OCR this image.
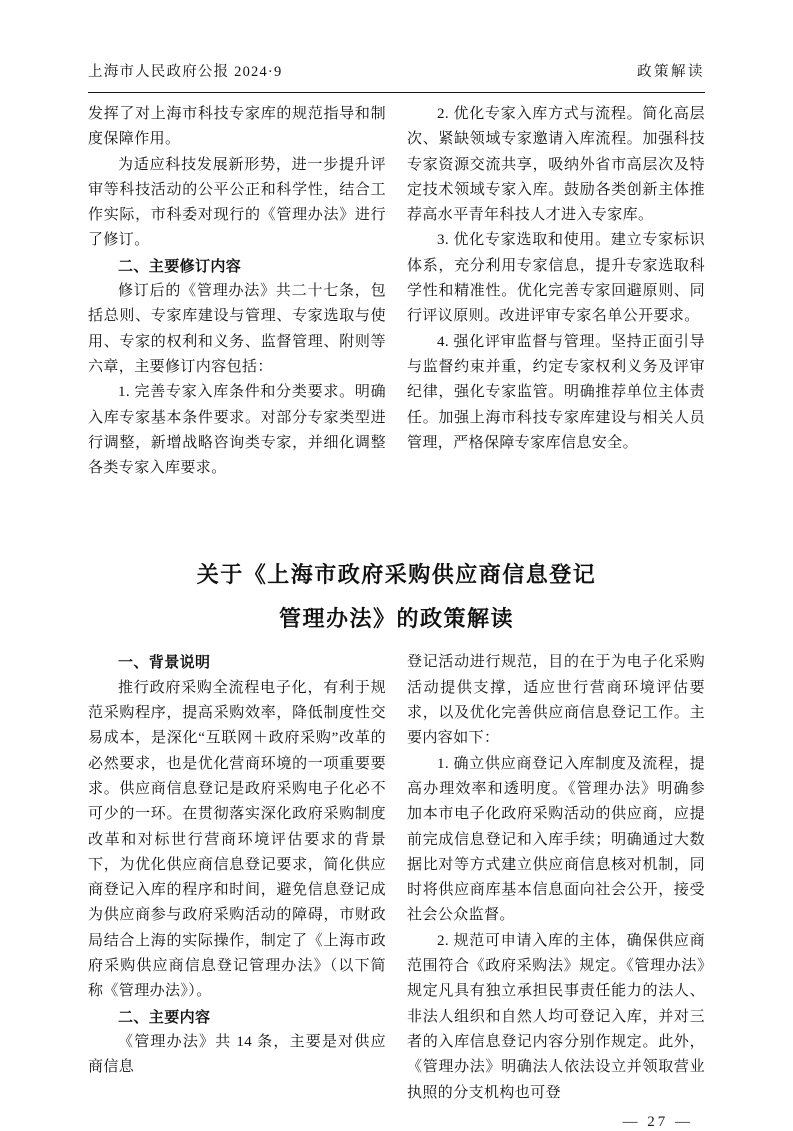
上海市人民政府公报 2024·9	政策解读

发挥了对上海市科技专家库的规范指导和制度保障作用。

为适应科技发展新形势，进一步提升评审等科技活动的公平公正和科学性，结合工作实际，市科委对现行的《管理办法》进行了修订。

二、主要修订内容

修订后的《管理办法》共二十七条，包括总则、专家库建设与管理、专家选取与使用、专家的权利和义务、监督管理、附则等六章，主要修订内容包括：

1. 完善专家入库条件和分类要求。明确入库专家基本条件要求。对部分专家类型进行调整，新增战略咨询类专家，并细化调整各类专家入库要求。

2. 优化专家入库方式与流程。简化高层次、紧缺领域专家邀请入库流程。加强科技专家资源交流共享，吸纳外省市高层次及特定技术领域专家入库。鼓励各类创新主体推荐高水平青年科技人才进入专家库。

3. 优化专家选取和使用。建立专家标识体系，充分利用专家信息，提升专家选取科学性和精准性。优化完善专家回避原则、同行评议原则。改进评审专家名单公开要求。

4. 强化评审监督与管理。坚持正面引导与监督约束并重，约定专家权利义务及评审纪律，强化专家监管。明确推荐单位主体责任。加强上海市科技专家库建设与相关人员管理，严格保障专家库信息安全。

关于《上海市政府采购供应商信息登记
管理办法》的政策解读

一、背景说明

推行政府采购全流程电子化，有利于规范采购程序，提高采购效率，降低制度性交易成本，是深化“互联网＋政府采购”改革的必然要求，也是优化营商环境的一项重要要求。供应商信息登记是政府采购电子化必不可少的一环。在贯彻落实深化政府采购制度改革和对标世行营商环境评估要求的背景下，为优化供应商信息登记要求，简化供应商登记入库的程序和时间，避免信息登记成为供应商参与政府采购活动的障碍，市财政局结合上海的实际操作，制定了《上海市政府采购供应商信息登记管理办法》（以下简称《管理办法》）。

二、主要内容

《管理办法》共 14 条，主要是对供应商信息

登记活动进行规范，目的在于为电子化采购活动提供支撑，适应世行营商环境评估要求，以及优化完善供应商信息登记工作。主要内容如下：

1. 确立供应商登记入库制度及流程，提高办理效率和透明度。《管理办法》明确参加本市电子化政府采购活动的供应商，应提前完成信息登记和入库手续；明确通过大数据比对等方式建立供应商信息核对机制，同时将供应商库基本信息面向社会公开，接受社会公众监督。

2. 规范可申请入库的主体，确保供应商范围符合《政府采购法》规定。《管理办法》规定凡具有独立承担民事责任能力的法人、非法人组织和自然人均可登记入库，并对三者的入库信息登记内容分别作规定。此外，《管理办法》明确法人依法设立并领取营业执照的分支机构也可登

— 27 —
